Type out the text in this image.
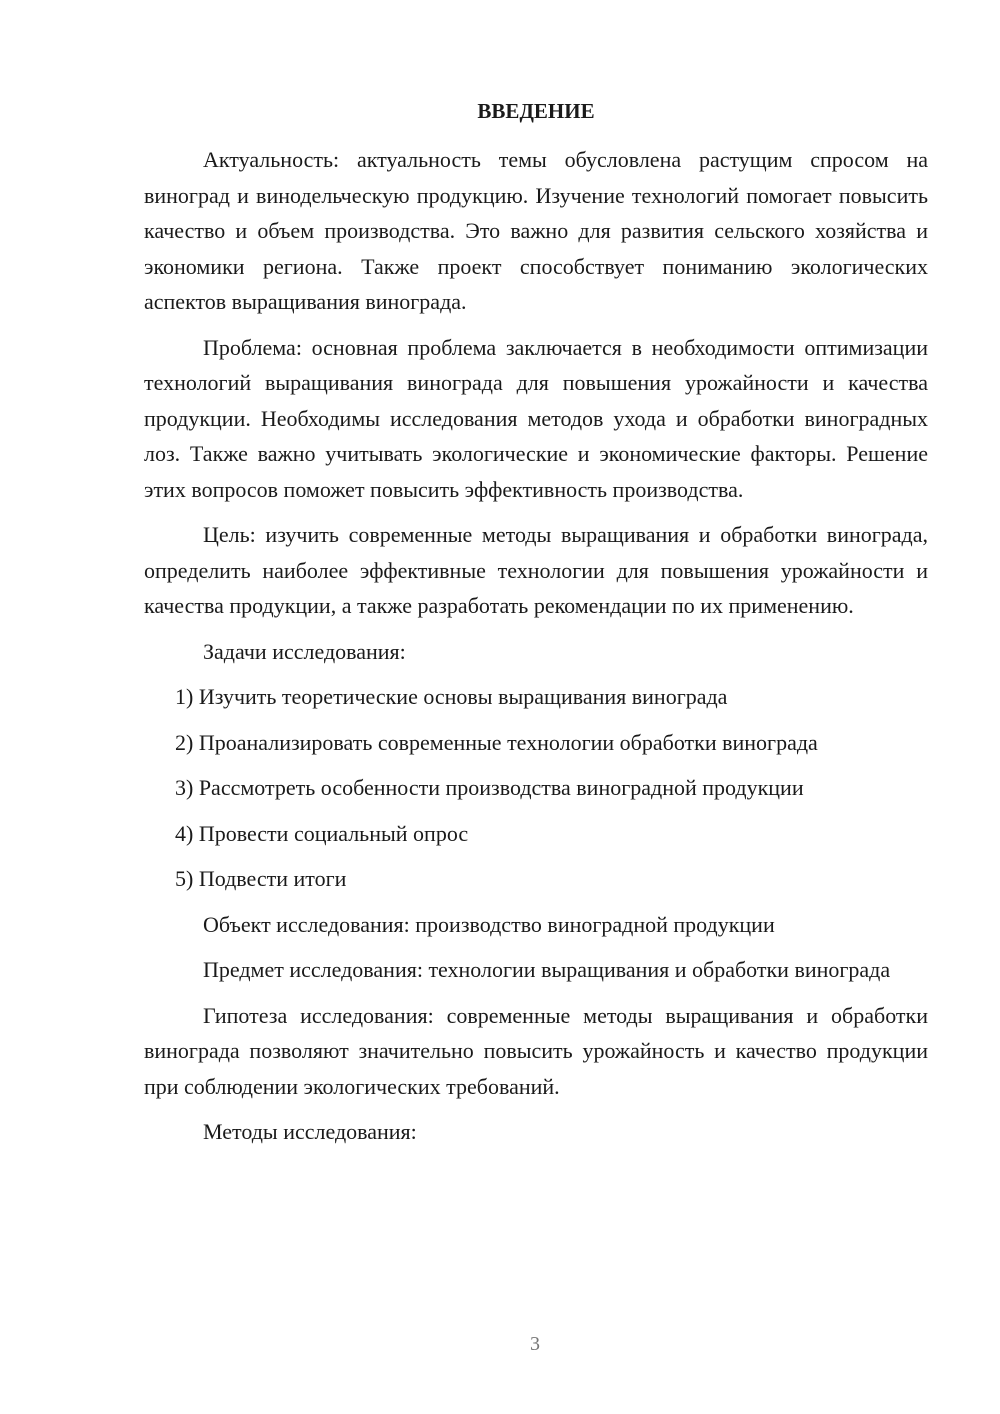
ВВЕДЕНИЕ

Актуальность: актуальность темы обусловлена растущим спросом на виноград и винодельческую продукцию. Изучение технологий помогает повысить качество и объем производства. Это важно для развития сельского хозяйства и экономики региона. Также проект способствует пониманию экологических аспектов выращивания винограда.

Проблема: основная проблема заключается в необходимости оптимизации технологий выращивания винограда для повышения урожайности и качества продукции. Необходимы исследования методов ухода и обработки виноградных лоз. Также важно учитывать экологические и экономические факторы. Решение этих вопросов поможет повысить эффективность производства.

Цель: изучить современные методы выращивания и обработки винограда, определить наиболее эффективные технологии для повышения урожайности и качества продукции, а также разработать рекомендации по их применению.

Задачи исследования:

1) Изучить теоретические основы выращивания винограда

2) Проанализировать современные технологии обработки винограда

3) Рассмотреть особенности производства виноградной продукции

4) Провести социальный опрос

5) Подвести итоги

Объект исследования: производство виноградной продукции

Предмет исследования: технологии выращивания и обработки винограда

Гипотеза исследования: современные методы выращивания и обработки винограда позволяют значительно повысить урожайность и качество продукции при соблюдении экологических требований.

Методы исследования:

3
